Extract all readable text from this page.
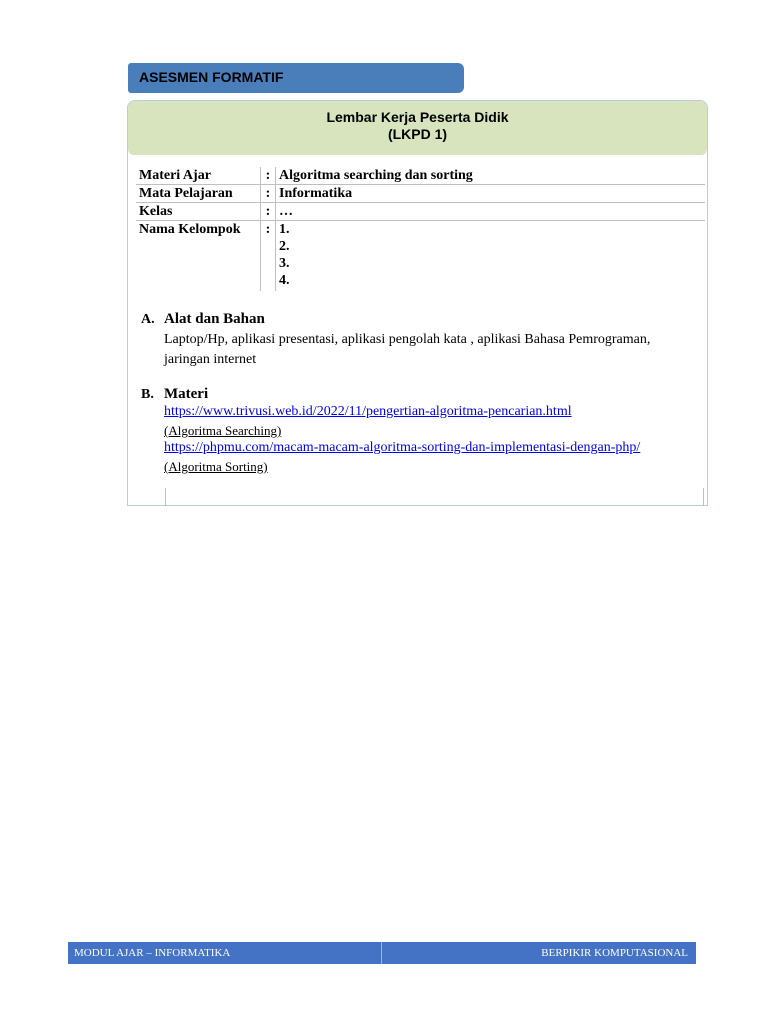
ASESMEN FORMATIF
Lembar Kerja Peserta Didik
(LKPD 1)
Materi Ajar	:	Algoritma searching dan sorting
Mata Pelajaran	:	Informatika
Kelas	:	…
Nama Kelompok	:	1.
2.
3.
4.
A. Alat dan Bahan
Laptop/Hp, aplikasi presentasi, aplikasi pengolah kata , aplikasi Bahasa Pemrograman,
jaringan internet
B. Materi
https://www.trivusi.web.id/2022/11/pengertian-algoritma-pencarian.html
(Algoritma Searching)
https://phpmu.com/macam-macam-algoritma-sorting-dan-implementasi-dengan-php/
(Algoritma Sorting)
MODUL AJAR – INFORMATIKA	BERPIKIR KOMPUTASIONAL
